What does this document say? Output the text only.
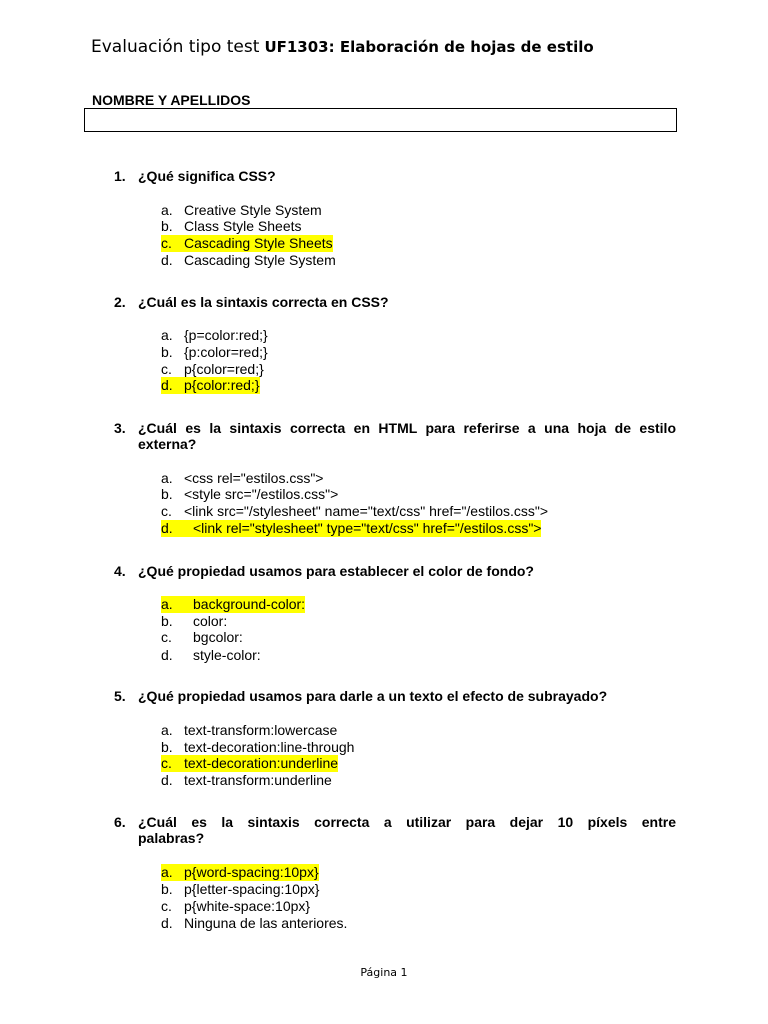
Evaluación tipo test UF1303: Elaboración de hojas de estilo
NOMBRE Y APELLIDOS
1. ¿Qué significa CSS?
a. Creative Style System
b. Class Style Sheets
c. Cascading Style Sheets
d. Cascading Style System
2. ¿Cuál es la sintaxis correcta en CSS?
a. {p=color:red;}
b. {p:color=red;}
c. p{color=red;}
d. p{color:red;}
3. ¿Cuál es la sintaxis correcta en HTML para referirse a una hoja de estilo
externa?
a. <css rel="estilos.css">
b. <style src="/estilos.css">
c. <link src="/stylesheet" name="text/css" href="/estilos.css">
d. <link rel="stylesheet" type="text/css" href="/estilos.css">
4. ¿Qué propiedad usamos para establecer el color de fondo?
a. background-color:
b. color:
c. bgcolor:
d. style-color:
5. ¿Qué propiedad usamos para darle a un texto el efecto de subrayado?
a. text-transform:lowercase
b. text-decoration:line-through
c. text-decoration:underline
d. text-transform:underline
6. ¿Cuál es la sintaxis correcta a utilizar para dejar 10 píxels entre
palabras?
a. p{word-spacing:10px}
b. p{letter-spacing:10px}
c. p{white-space:10px}
d. Ninguna de las anteriores.
Página 1
